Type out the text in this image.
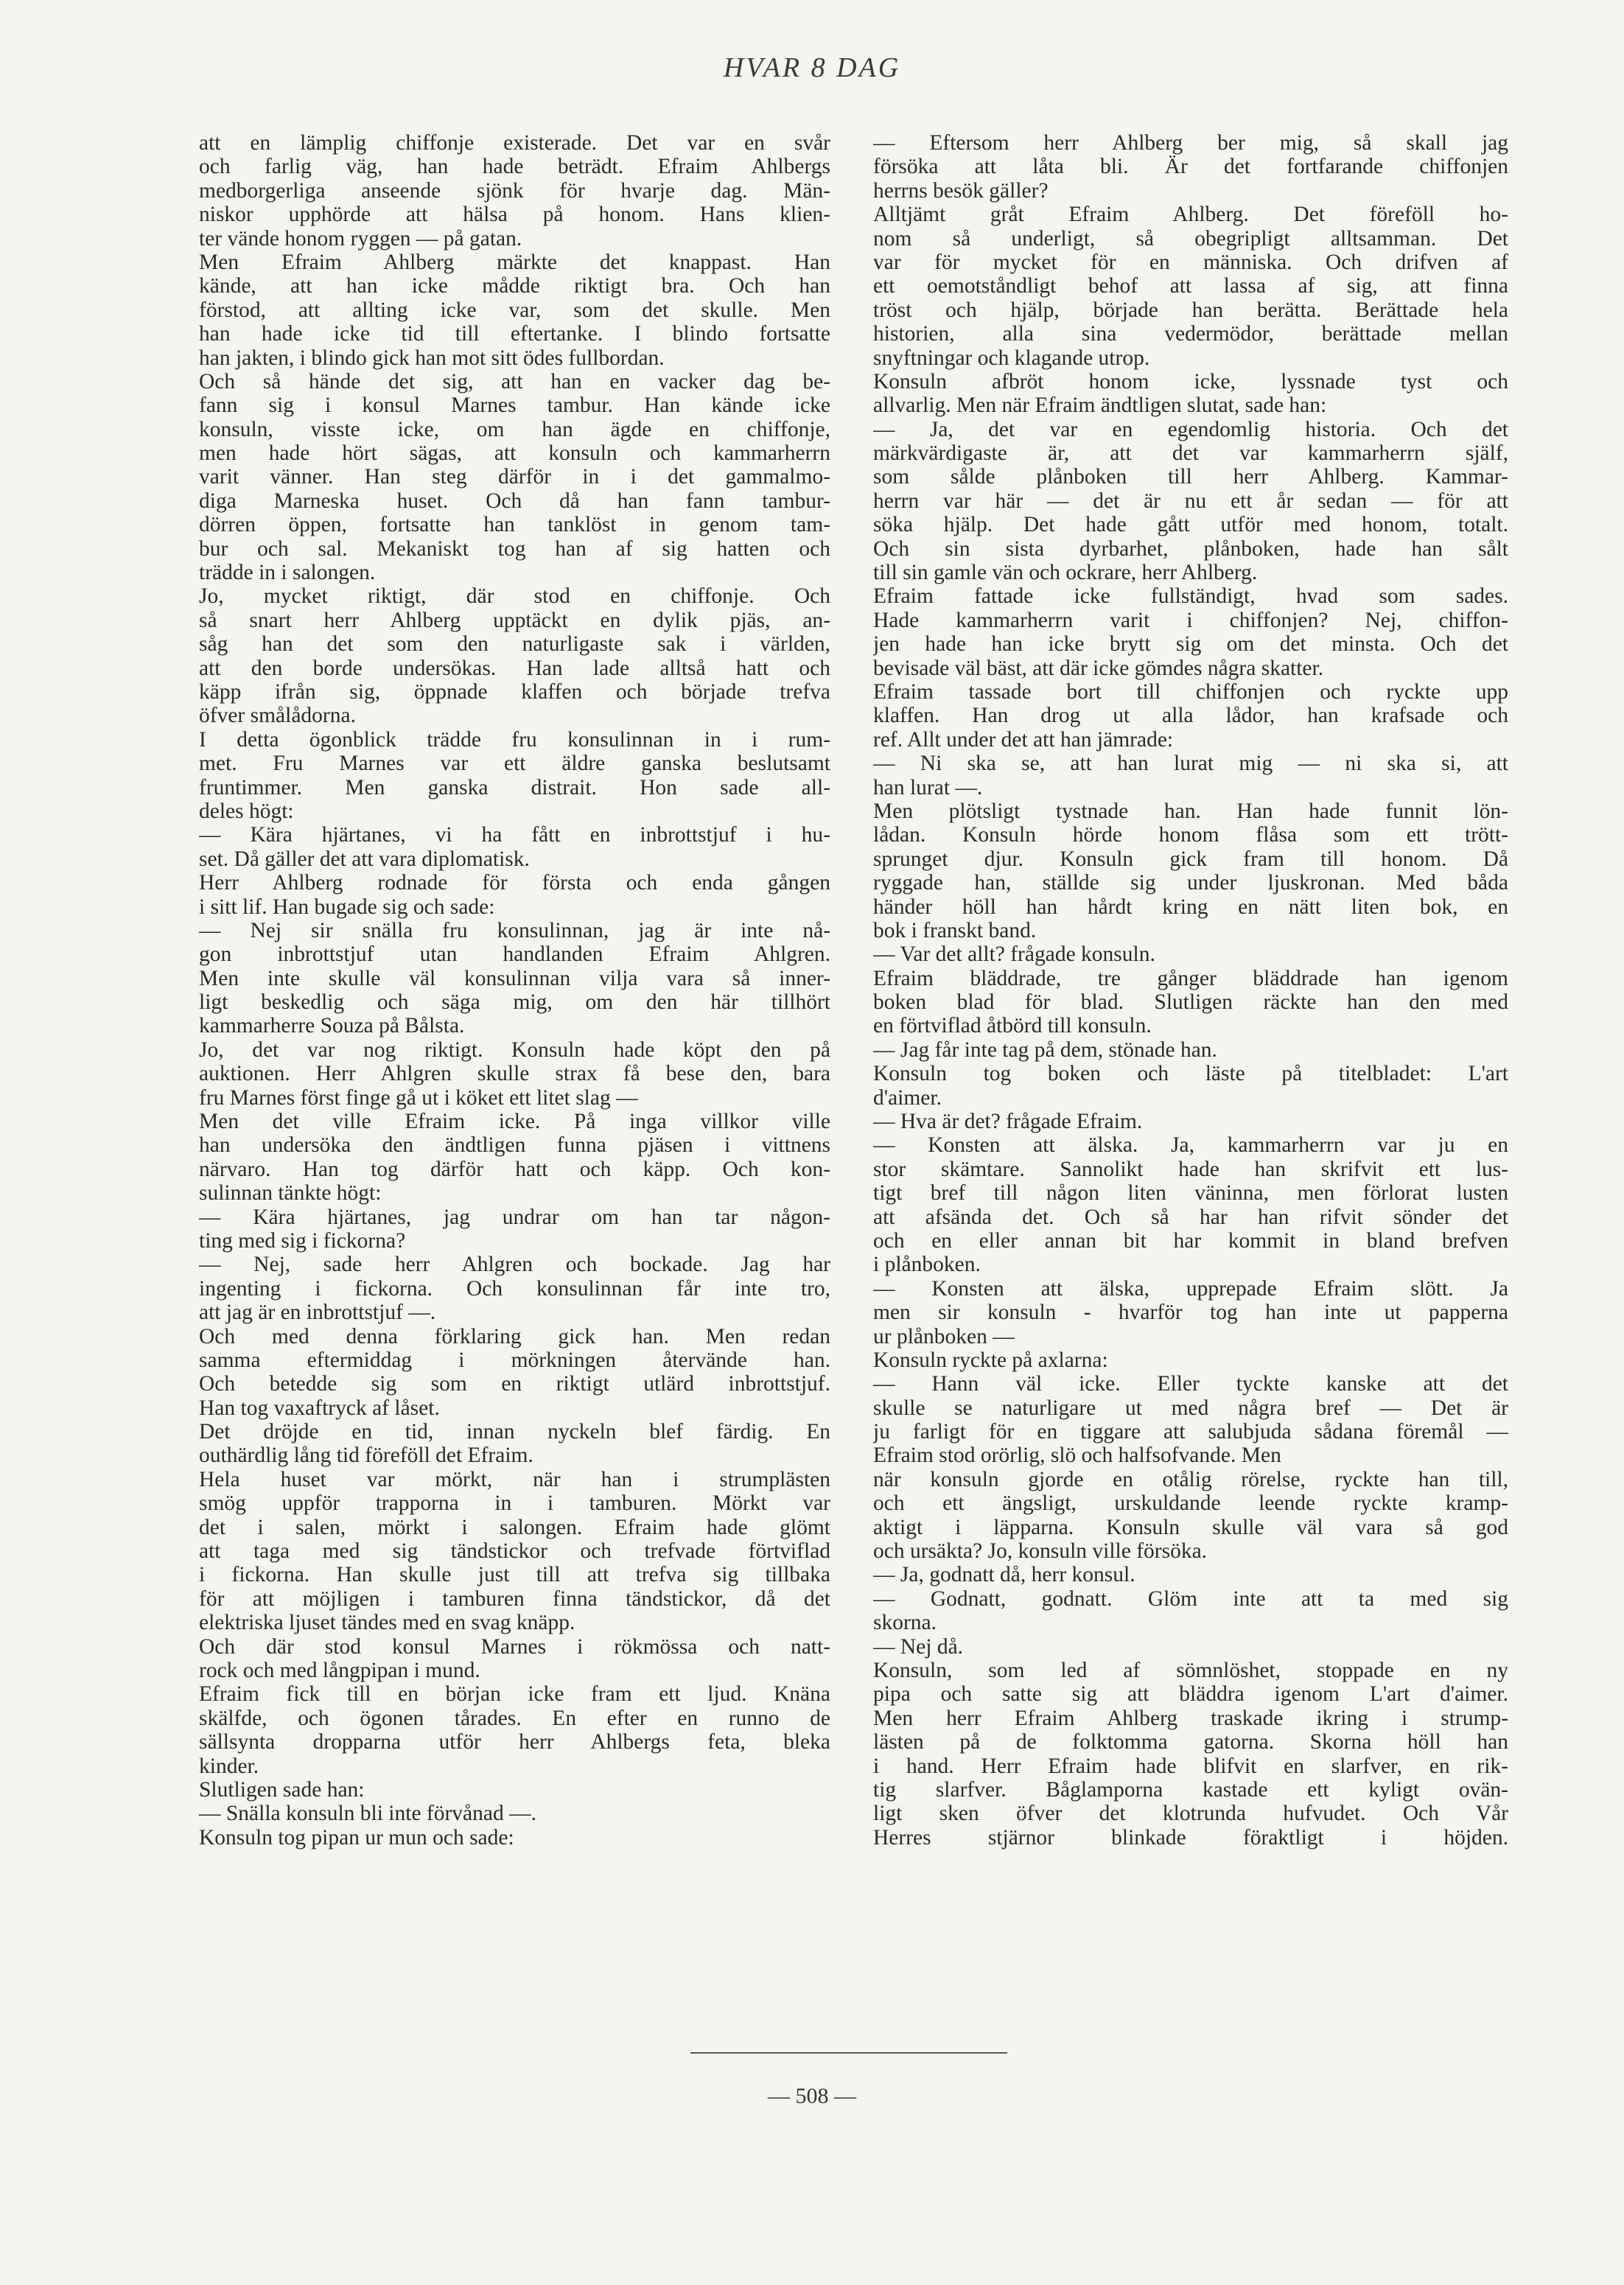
HVAR 8 DAG
att en lämplig chiffonje existerade. Det var en svår
och farlig väg, han hade beträdt. Efraim Ahlbergs
medborgerliga anseende sjönk för hvarje dag. Män-
niskor upphörde att hälsa på honom. Hans klien-
ter vände honom ryggen — på gatan.
Men Efraim Ahlberg märkte det knappast. Han
kände, att han icke mådde riktigt bra. Och han
förstod, att allting icke var, som det skulle. Men
han hade icke tid till eftertanke. I blindo fortsatte
han jakten, i blindo gick han mot sitt ödes fullbordan.
Och så hände det sig, att han en vacker dag be-
fann sig i konsul Marnes tambur. Han kände icke
konsuln, visste icke, om han ägde en chiffonje,
men hade hört sägas, att konsuln och kammarherrn
varit vänner. Han steg därför in i det gammalmo-
diga Marneska huset. Och då han fann tambur-
dörren öppen, fortsatte han tanklöst in genom tam-
bur och sal. Mekaniskt tog han af sig hatten och
trädde in i salongen.
Jo, mycket riktigt, där stod en chiffonje. Och
så snart herr Ahlberg upptäckt en dylik pjäs, an-
såg han det som den naturligaste sak i världen,
att den borde undersökas. Han lade alltså hatt och
käpp ifrån sig, öppnade klaffen och började trefva
öfver smålådorna.
I detta ögonblick trädde fru konsulinnan in i rum-
met. Fru Marnes var ett äldre ganska beslutsamt
fruntimmer. Men ganska distrait. Hon sade all-
deles högt:
— Kära hjärtanes, vi ha fått en inbrottstjuf i hu-
set. Då gäller det att vara diplomatisk.
Herr Ahlberg rodnade för första och enda gången
i sitt lif. Han bugade sig och sade:
— Nej sir snälla fru konsulinnan, jag är inte nå-
gon inbrottstjuf utan handlanden Efraim Ahlgren.
Men inte skulle väl konsulinnan vilja vara så inner-
ligt beskedlig och säga mig, om den här tillhört
kammarherre Souza på Bålsta.
Jo, det var nog riktigt. Konsuln hade köpt den på
auktionen. Herr Ahlgren skulle strax få bese den, bara
fru Marnes först finge gå ut i köket ett litet slag —
Men det ville Efraim icke. På inga villkor ville
han undersöka den ändtligen funna pjäsen i vittnens
närvaro. Han tog därför hatt och käpp. Och kon-
sulinnan tänkte högt:
— Kära hjärtanes, jag undrar om han tar någon-
ting med sig i fickorna?
— Nej, sade herr Ahlgren och bockade. Jag har
ingenting i fickorna. Och konsulinnan får inte tro,
att jag är en inbrottstjuf —.
Och med denna förklaring gick han. Men redan
samma eftermiddag i mörkningen återvände han.
Och betedde sig som en riktigt utlärd inbrottstjuf.
Han tog vaxaftryck af låset.
Det dröjde en tid, innan nyckeln blef färdig. En
outhärdlig lång tid föreföll det Efraim.
Hela huset var mörkt, när han i strumplästen
smög uppför trapporna in i tamburen. Mörkt var
det i salen, mörkt i salongen. Efraim hade glömt
att taga med sig tändstickor och trefvade förtviflad
i fickorna. Han skulle just till att trefva sig tillbaka
för att möjligen i tamburen finna tändstickor, då det
elektriska ljuset tändes med en svag knäpp.
Och där stod konsul Marnes i rökmössa och natt-
rock och med långpipan i mund.
Efraim fick till en början icke fram ett ljud. Knäna
skälfde, och ögonen tårades. En efter en runno de
sällsynta dropparna utför herr Ahlbergs feta, bleka
kinder.
Slutligen sade han:
— Snälla konsuln bli inte förvånad —.
Konsuln tog pipan ur mun och sade:
— Eftersom herr Ahlberg ber mig, så skall jag
försöka att låta bli. Är det fortfarande chiffonjen
herrns besök gäller?
Alltjämt gråt Efraim Ahlberg. Det föreföll ho-
nom så underligt, så obegripligt alltsamman. Det
var för mycket för en människa. Och drifven af
ett oemotståndligt behof att lassa af sig, att finna
tröst och hjälp, började han berätta. Berättade hela
historien, alla sina vedermödor, berättade mellan
snyftningar och klagande utrop.
Konsuln afbröt honom icke, lyssnade tyst och
allvarlig. Men när Efraim ändtligen slutat, sade han:
— Ja, det var en egendomlig historia. Och det
märkvärdigaste är, att det var kammarherrn själf,
som sålde plånboken till herr Ahlberg. Kammar-
herrn var här — det är nu ett år sedan — för att
söka hjälp. Det hade gått utför med honom, totalt.
Och sin sista dyrbarhet, plånboken, hade han sålt
till sin gamle vän och ockrare, herr Ahlberg.
Efraim fattade icke fullständigt, hvad som sades.
Hade kammarherrn varit i chiffonjen? Nej, chiffon-
jen hade han icke brytt sig om det minsta. Och det
bevisade väl bäst, att där icke gömdes några skatter.
Efraim tassade bort till chiffonjen och ryckte upp
klaffen. Han drog ut alla lådor, han krafsade och
ref. Allt under det att han jämrade:
— Ni ska se, att han lurat mig — ni ska si, att
han lurat —.
Men plötsligt tystnade han. Han hade funnit lön-
lådan. Konsuln hörde honom flåsa som ett trött-
sprunget djur. Konsuln gick fram till honom. Då
ryggade han, ställde sig under ljuskronan. Med båda
händer höll han hårdt kring en nätt liten bok, en
bok i franskt band.
— Var det allt? frågade konsuln.
Efraim bläddrade, tre gånger bläddrade han igenom
boken blad för blad. Slutligen räckte han den med
en förtviflad åtbörd till konsuln.
— Jag får inte tag på dem, stönade han.
Konsuln tog boken och läste på titelbladet: L'art
d'aimer.
— Hva är det? frågade Efraim.
— Konsten att älska. Ja, kammarherrn var ju en
stor skämtare. Sannolikt hade han skrifvit ett lus-
tigt bref till någon liten väninna, men förlorat lusten
att afsända det. Och så har han rifvit sönder det
och en eller annan bit har kommit in bland brefven
i plånboken.
— Konsten att älska, upprepade Efraim slött. Ja
men sir konsuln - hvarför tog han inte ut papperna
ur plånboken —
Konsuln ryckte på axlarna:
— Hann väl icke. Eller tyckte kanske att det
skulle se naturligare ut med några bref — Det är
ju farligt för en tiggare att salubjuda sådana föremål —
Efraim stod orörlig, slö och halfsofvande. Men
när konsuln gjorde en otålig rörelse, ryckte han till,
och ett ängsligt, urskuldande leende ryckte kramp-
aktigt i läpparna. Konsuln skulle väl vara så god
och ursäkta? Jo, konsuln ville försöka.
— Ja, godnatt då, herr konsul.
— Godnatt, godnatt. Glöm inte att ta med sig
skorna.
— Nej då.
Konsuln, som led af sömnlöshet, stoppade en ny
pipa och satte sig att bläddra igenom L'art d'aimer.
Men herr Efraim Ahlberg traskade ikring i strump-
lästen på de folktomma gatorna. Skorna höll han
i hand. Herr Efraim hade blifvit en slarfver, en rik-
tig slarfver. Båglamporna kastade ett kyligt ovän-
ligt sken öfver det klotrunda hufvudet. Och Vår
Herres stjärnor blinkade föraktligt i höjden.
— 508 —
